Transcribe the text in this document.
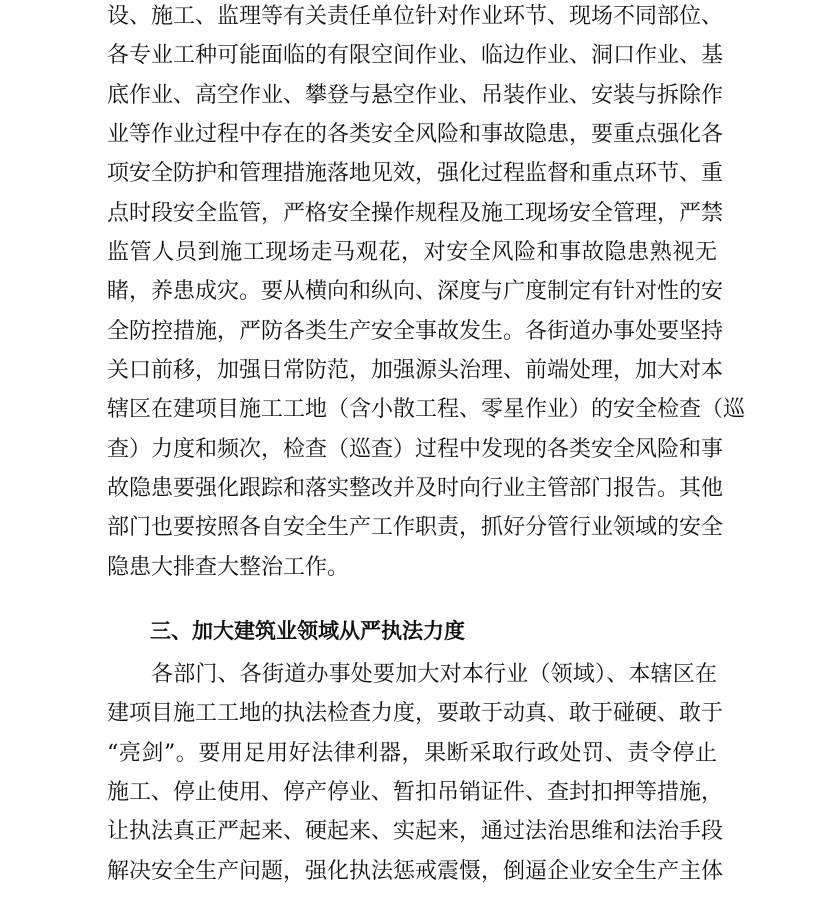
设、施工、监理等有关责任单位针对作业环节、现场不同部位、
各专业工种可能面临的有限空间作业、临边作业、洞口作业、基
底作业、高空作业、攀登与悬空作业、吊装作业、安装与拆除作
业等作业过程中存在的各类安全风险和事故隐患，要重点强化各
项安全防护和管理措施落地见效，强化过程监督和重点环节、重
点时段安全监管，严格安全操作规程及施工现场安全管理，严禁
监管人员到施工现场走马观花，对安全风险和事故隐患熟视无
睹，养患成灾。要从横向和纵向、深度与广度制定有针对性的安
全防控措施，严防各类生产安全事故发生。各街道办事处要坚持
关口前移，加强日常防范，加强源头治理、前端处理，加大对本
辖区在建项目施工工地（含小散工程、零星作业）的安全检查（巡
查）力度和频次，检查（巡查）过程中发现的各类安全风险和事
故隐患要强化跟踪和落实整改并及时向行业主管部门报告。其他
部门也要按照各自安全生产工作职责，抓好分管行业领域的安全
隐患大排查大整治工作。
三、加大建筑业领域从严执法力度
各部门、各街道办事处要加大对本行业（领域）、本辖区在
建项目施工工地的执法检查力度，要敢于动真、敢于碰硬、敢于
“亮剑”。要用足用好法律利器，果断采取行政处罚、责令停止
施工、停止使用、停产停业、暂扣吊销证件、查封扣押等措施，
让执法真正严起来、硬起来、实起来，通过法治思维和法治手段
解决安全生产问题，强化执法惩戒震慑，倒逼企业安全生产主体
